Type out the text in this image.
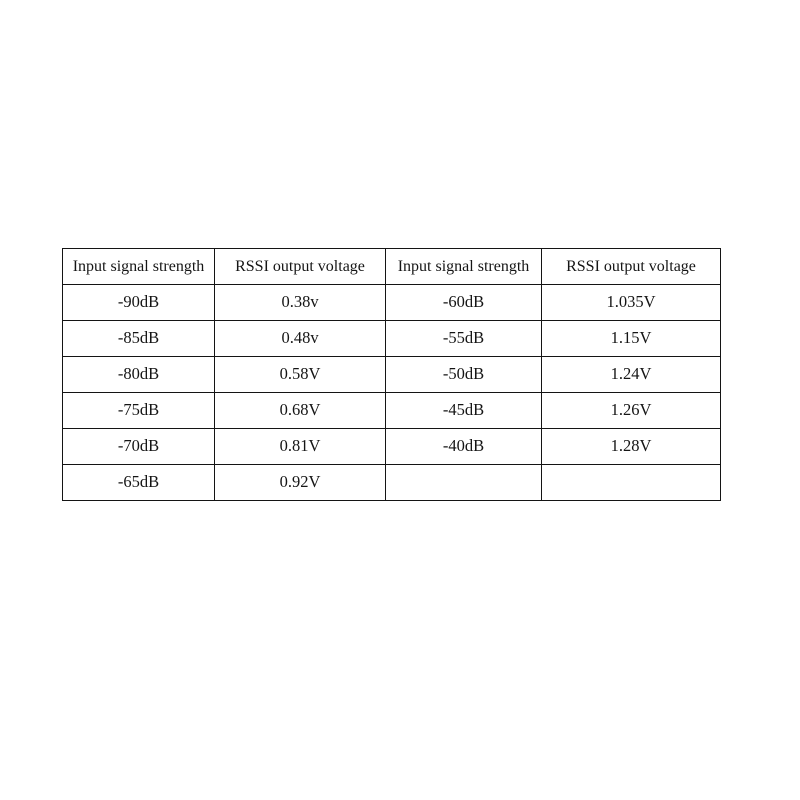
Input signal strength	RSSI output voltage	Input signal strength	RSSI output voltage
-90dB	0.38v	-60dB	1.035V
-85dB	0.48v	-55dB	1.15V
-80dB	0.58V	-50dB	1.24V
-75dB	0.68V	-45dB	1.26V
-70dB	0.81V	-40dB	1.28V
-65dB	0.92V		
